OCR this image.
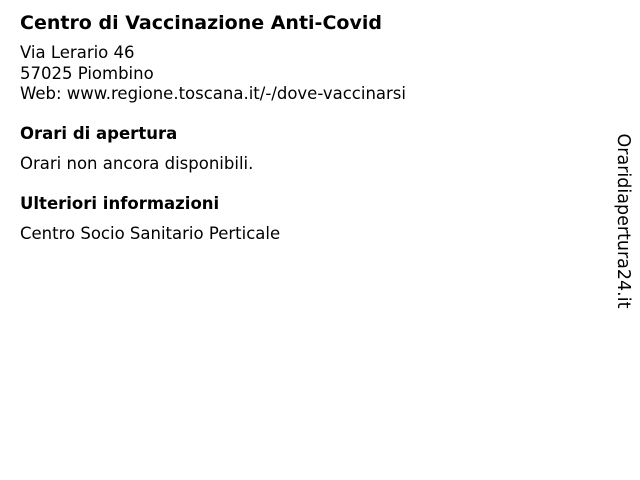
Centro di Vaccinazione Anti-Covid
Via Lerario 46
57025 Piombino
Web: www.regione.toscana.it/-/dove-vaccinarsi
Orari di apertura
Orari non ancora disponibili.
Ulteriori informazioni
Centro Socio Sanitario Perticale	Oraridiapertura24.it
